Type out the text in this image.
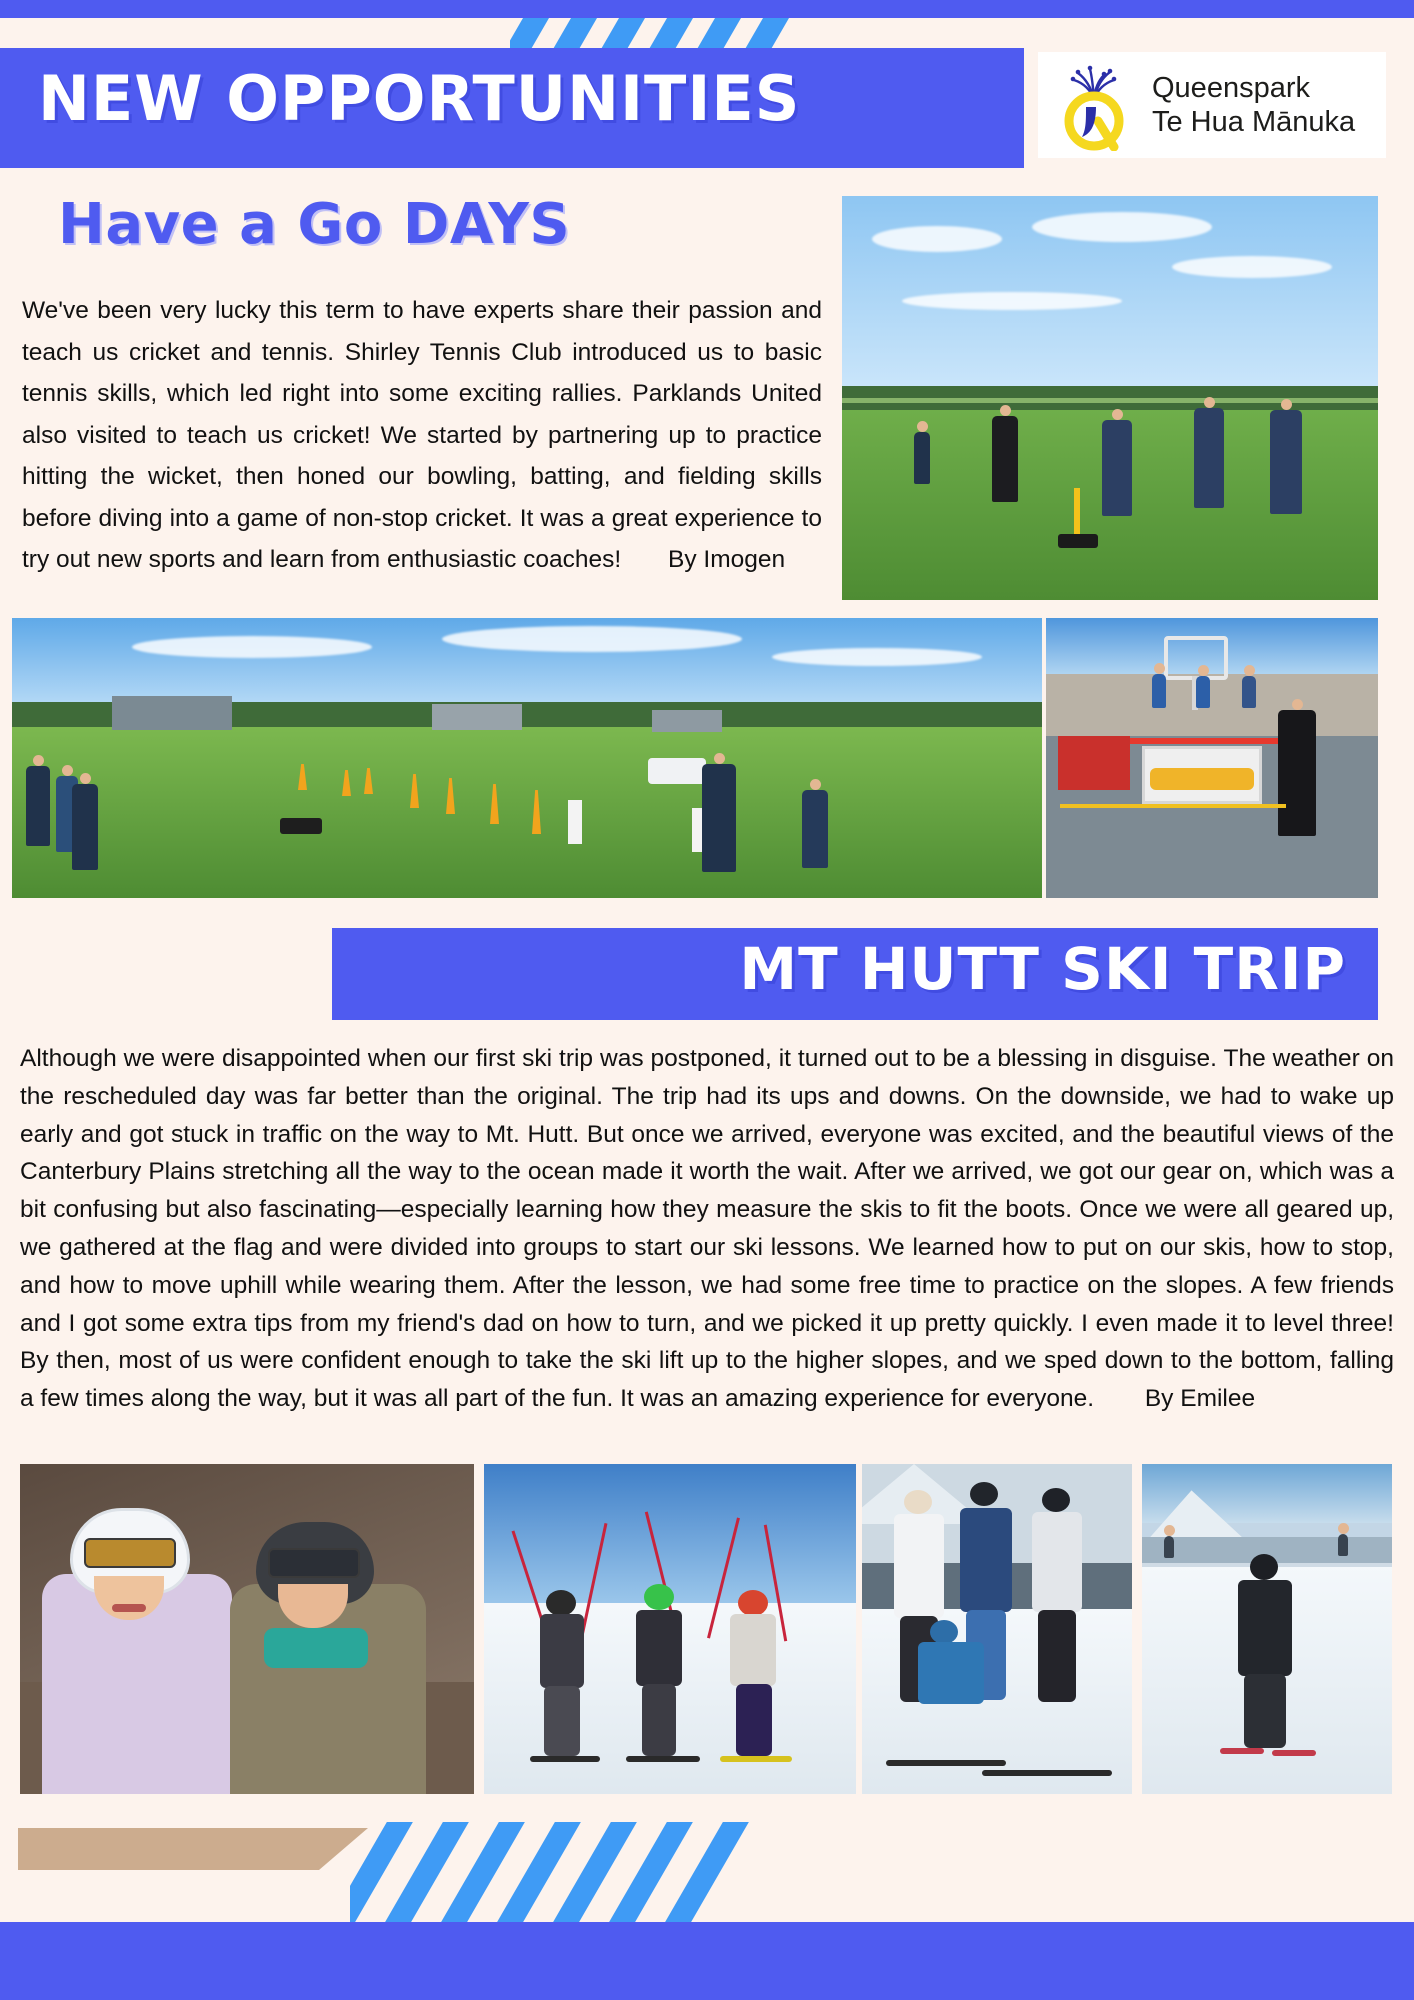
NEW OPPORTUNITIES	Queenspark
Te Hua Mānuka
Have a Go DAYS
We've been very lucky this term to have experts share their passion and teach us cricket and tennis. Shirley Tennis Club introduced us to basic tennis skills, which led right into some exciting rallies. Parklands United also visited to teach us cricket! We started by partnering up to practice hitting the wicket, then honed our bowling, batting, and fielding skills before diving into a game of non-stop cricket. It was a great experience to try out new sports and learn from enthusiastic coaches! By Imogen
MT HUTT SKI TRIP
Although we were disappointed when our first ski trip was postponed, it turned out to be a blessing in disguise. The weather on the rescheduled day was far better than the original. The trip had its ups and downs. On the downside, we had to wake up early and got stuck in traffic on the way to Mt. Hutt. But once we arrived, everyone was excited, and the beautiful views of the Canterbury Plains stretching all the way to the ocean made it worth the wait. After we arrived, we got our gear on, which was a bit confusing but also fascinating—especially learning how they measure the skis to fit the boots. Once we were all geared up, we gathered at the flag and were divided into groups to start our ski lessons. We learned how to put on our skis, how to stop, and how to move uphill while wearing them. After the lesson, we had some free time to practice on the slopes. A few friends and I got some extra tips from my friend's dad on how to turn, and we picked it up pretty quickly. I even made it to level three! By then, most of us were confident enough to take the ski lift up to the higher slopes, and we sped down to the bottom, falling a few times along the way, but it was all part of the fun. It was an amazing experience for everyone. By Emilee
